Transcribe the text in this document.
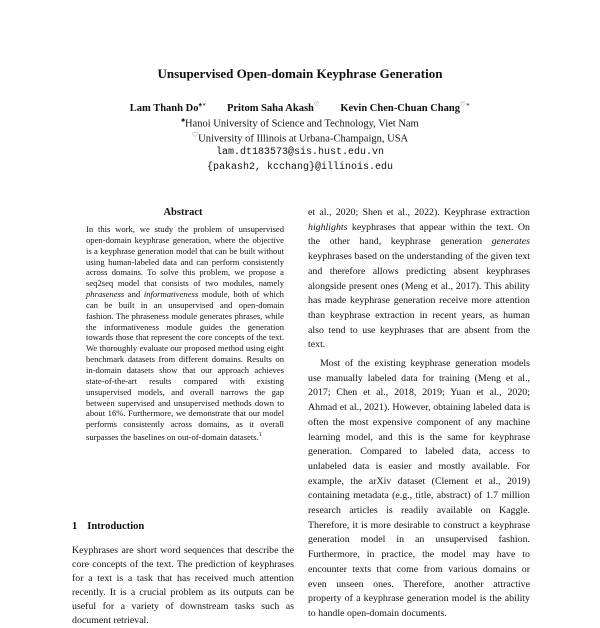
Unsupervised Open-domain Keyphrase Generation
Lam Thanh Do♠∗ Pritom Saha Akash♡ Kevin Chen-Chuan Chang♡∗
♠Hanoi University of Science and Technology, Viet Nam
♡University of Illinois at Urbana-Champaign, USA
lam.dt183573@sis.hust.edu.vn
{pakash2, kcchang}@illinois.edu
Abstract
In this work, we study the problem of unsupervised open-domain keyphrase generation, where the objective is a keyphrase generation model that can be built without using human-labeled data and can perform consistently across domains. To solve this problem, we propose a seq2seq model that consists of two modules, namely phraseness and informativeness module, both of which can be built in an unsupervised and open-domain fashion. The phraseness module generates phrases, while the informativeness module guides the generation towards those that represent the core concepts of the text. We thoroughly evaluate our proposed method using eight benchmark datasets from different domains. Results on in-domain datasets show that our approach achieves state-of-the-art results compared with existing unsupervised models, and overall narrows the gap between supervised and unsupervised methods down to about 16%. Furthermore, we demonstrate that our model performs consistently across domains, as it overall surpasses the baselines on out-of-domain datasets.$^1$
1 Introduction
Keyphrases are short word sequences that describe the core concepts of the text. The prediction of keyphrases for a text is a task that has received much attention recently. It is a crucial problem as its outputs can be useful for a variety of downstream tasks such as document retrieval.

et al., 2020; Shen et al., 2022). Keyphrase extraction highlights keyphrases that appear within the text. On the other hand, keyphrase generation generates keyphrases based on the understanding of the given text and therefore allows predicting absent keyphrases alongside present ones (Meng et al., 2017). This ability has made keyphrase generation receive more attention than keyphrase extraction in recent years, as human also tend to use keyphrases that are absent from the text.

Most of the existing keyphrase generation models use manually labeled data for training (Meng et al., 2017; Chen et al., 2018, 2019; Yuan et al., 2020; Ahmad et al., 2021). However, obtaining labeled data is often the most expensive component of any machine learning model, and this is the same for keyphrase generation. Compared to labeled data, access to unlabeled data is easier and mostly available. For example, the arXiv dataset (Clement et al., 2019) containing metadata (e.g., title, abstract) of 1.7 million research articles is readily available on Kaggle. Therefore, it is more desirable to construct a keyphrase generation model in an unsupervised fashion. Furthermore, in practice, the model may have to encounter texts that come from various domains or even unseen ones. Therefore, another attractive property of a keyphrase generation model is the ability to handle open-domain documents.
